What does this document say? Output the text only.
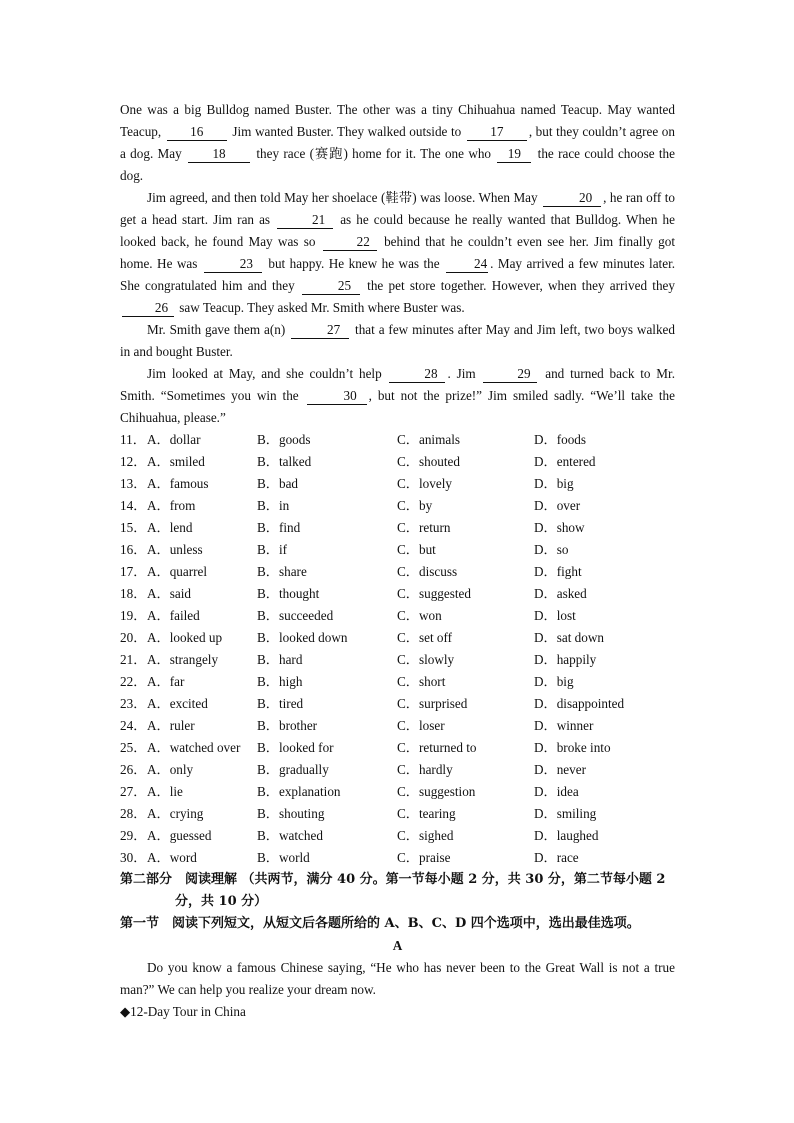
One was a big Bulldog named Buster. The other was a tiny Chihuahua named Teacup. May wanted Teacup, 16 Jim wanted Buster. They walked outside to 17 , but they couldn’t agree on a dog. May 18 they race (赛跑) home for it. The one who 19 the race could choose the dog.

Jim agreed, and then told May her shoelace (鞋带) was loose. When May	20 , he ran off to get a head start. Jim ran as	21 as he could because he really wanted that Bulldog. When he looked back, he found May was so	22 behind that he couldn’t even see her. Jim finally got home. He was	23 but happy. He knew he was the	24 . May arrived a few minutes later. She congratulated him and they	25 the pet store together. However, when they arrived they 26 saw Teacup. They asked Mr. Smith where Buster was.

Mr. Smith gave them a(n)	27 that a few minutes after May and Jim left, two boys walked in and bought Buster.

Jim looked at May, and she couldn’t help	28 . Jim	29 and turned back to Mr. Smith. “Sometimes you win the	30 , but not the prize!” Jim smiled sadly. “We’ll take the Chihuahua, please.”

11． A．dollar	B．goods	C．animals	D．foods
12． A．smiled	B．talked	C．shouted	D．entered
13． A．famous	B．bad	C．lovely	D．big
14． A．from	B．in	C．by	D．over
15． A．lend	B．find	C．return	D．show
16． A．unless	B．if	C．but	D．so
17． A．quarrel	B．share	C．discuss	D．fight
18． A．said	B．thought	C．suggested	D．asked
19． A．failed	B．succeeded	C．won	D．lost
20． A．looked up	B．looked down	C．set off	D．sat down
21． A．strangely	B．hard	C．slowly	D．happily
22． A．far	B．high	C．short	D．big
23． A．excited	B．tired	C．surprised	D．disappointed
24． A．ruler	B．brother	C．loser	D．winner
25． A．watched over B．looked for	C．returned to	D．broke into
26． A．only	B．gradually	C．hardly	D．never
27． A．lie	B．explanation	C．suggestion	D．idea
28． A．crying	B．shouting	C．tearing	D．smiling
29． A．guessed	B．watched	C．sighed	D．laughed
30． A．word	B．world	C．praise	D．race

第二部分　阅读理解 （共两节，满分 40 分。第一节每小题 2 分，共 30 分，第二节每小题 2
分，共 10 分）

第一节　阅读下列短文，从短文后各题所给的 A、B、C、D 四个选项中，选出最佳选项。

A

Do you know a famous Chinese saying, “He who has never been to the Great Wall is not a true man?” We can help you realize your dream now.

◆12-Day Tour in China
